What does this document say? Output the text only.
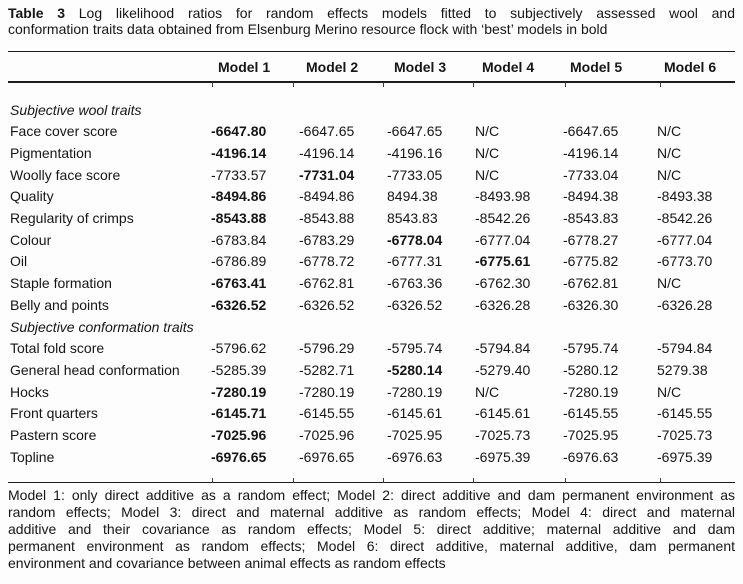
Table 3 Log likelihood ratios for random effects models fitted to subjectively assessed wool and
conformation traits data obtained from Elsenburg Merino resource flock with ‘best’ models in bold
	Model 1	Model 2	Model 3	Model 4	Model 5	Model 6
Subjective wool traits						
Face cover score	-6647.80	-6647.65	-6647.65	N/C	-6647.65	N/C
Pigmentation	-4196.14	-4196.14	-4196.16	N/C	-4196.14	N/C
Woolly face score	-7733.57	-7731.04	-7733.05	N/C	-7733.04	N/C
Quality	-8494.86	-8494.86	8494.38	-8493.98	-8494.38	-8493.38
Regularity of crimps	-8543.88	-8543.88	8543.83	-8542.26	-8543.83	-8542.26
Colour	-6783.84	-6783.29	-6778.04	-6777.04	-6778.27	-6777.04
Oil	-6786.89	-6778.72	-6777.31	-6775.61	-6775.82	-6773.70
Staple formation	-6763.41	-6762.81	-6763.36	-6762.30	-6762.81	N/C
Belly and points	-6326.52	-6326.52	-6326.52	-6326.28	-6326.30	-6326.28
Subjective conformation traits						
Total fold score	-5796.62	-5796.29	-5795.74	-5794.84	-5795.74	-5794.84
General head conformation	-5285.39	-5282.71	-5280.14	-5279.40	-5280.12	5279.38
Hocks	-7280.19	-7280.19	-7280.19	N/C	-7280.19	N/C
Front quarters	-6145.71	-6145.55	-6145.61	-6145.61	-6145.55	-6145.55
Pastern score	-7025.96	-7025.96	-7025.95	-7025.73	-7025.95	-7025.73
Topline	-6976.65	-6976.65	-6976.63	-6975.39	-6976.63	-6975.39
Model 1: only direct additive as a random effect; Model 2: direct additive and dam permanent environment as
random effects; Model 3: direct and maternal additive as random effects; Model 4: direct and maternal
additive and their covariance as random effects; Model 5: direct additive; maternal additive and dam
permanent environment as random effects; Model 6: direct additive, maternal additive, dam permanent
environment and covariance between animal effects as random effects
